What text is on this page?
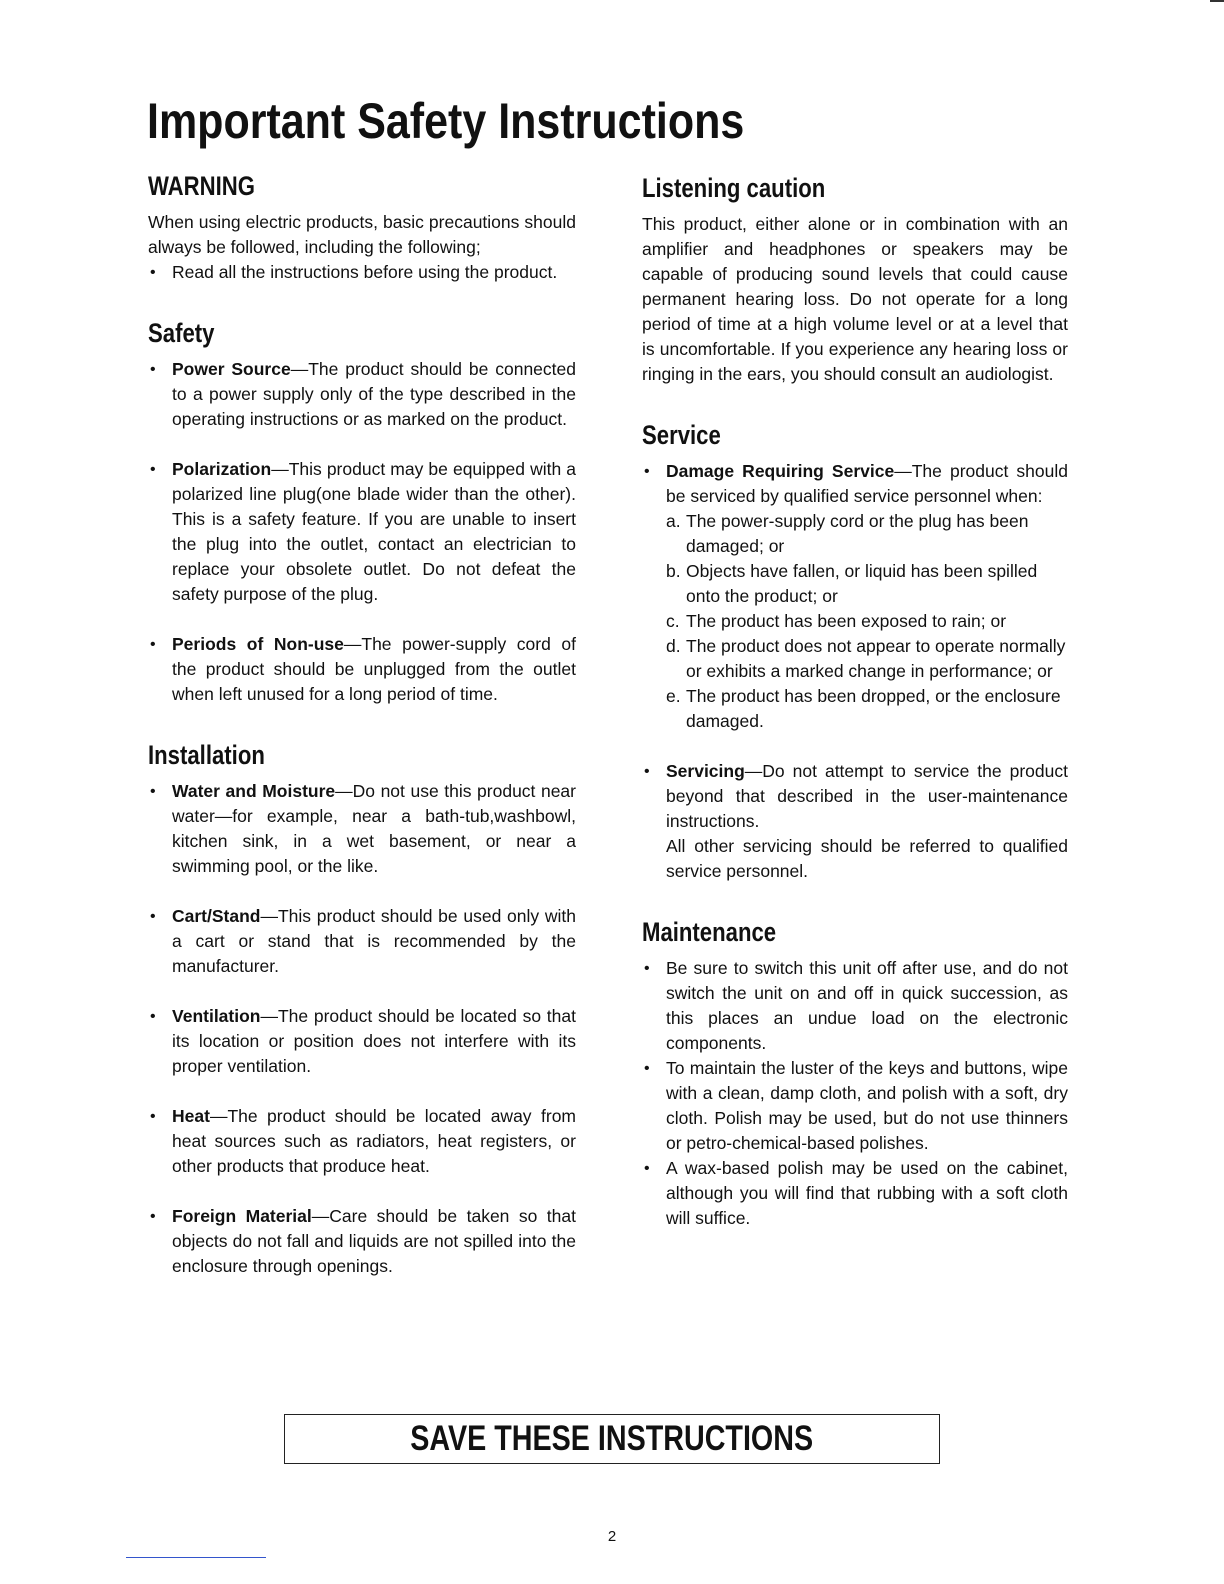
Important Safety Instructions
WARNING

When using electric products, basic precautions should always be followed, including the following;

• Read all the instructions before using the product.
Safety
• Power Source—The product should be connected to a power supply only of the type described in the operating instructions or as marked on the product.
• Polarization—This product may be equipped with a polarized line plug(one blade wider than the other). This is a safety feature. If you are unable to insert the plug into the outlet, contact an electrician to replace your obsolete outlet. Do not defeat the safety purpose of the plug.
• Periods of Non-use—The power-supply cord of the product should be unplugged from the outlet when left unused for a long period of time.
Installation
• Water and Moisture—Do not use this product near water—for example, near a bath-tub,washbowl, kitchen sink, in a wet basement, or near a swimming pool, or the like.
• Cart/Stand—This product should be used only with a cart or stand that is recommended by the manufacturer.
• Ventilation—The product should be located so that its location or position does not interfere with its proper ventilation.
• Heat—The product should be located away from heat sources such as radiators, heat registers, or other products that produce heat.
• Foreign Material—Care should be taken so that objects do not fall and liquids are not spilled into the enclosure through openings.
Listening caution

This product, either alone or in combination with an amplifier and headphones or speakers may be capable of producing sound levels that could cause permanent hearing loss. Do not operate for a long period of time at a high volume level or at a level that is uncomfortable. If you experience any hearing loss or ringing in the ears, you should consult an audiologist.

Service
• Damage Requiring Service—The product should be serviced by qualified service personnel when:
a. The power-supply cord or the plug has been damaged; or
b. Objects have fallen, or liquid has been spilled onto the product; or
c. The product has been exposed to rain; or
d. The product does not appear to operate normally or exhibits a marked change in performance; or
e. The product has been dropped, or the enclosure damaged.
• Servicing—Do not attempt to service the product beyond that described in the user-maintenance instructions.

All other servicing should be referred to qualified service personnel.

Maintenance
• Be sure to switch this unit off after use, and do not switch the unit on and off in quick succession, as this places an undue load on the electronic components.
• To maintain the luster of the keys and buttons, wipe with a clean, damp cloth, and polish with a soft, dry cloth. Polish may be used, but do not use thinners or petro-chemical-based polishes.
• A wax-based polish may be used on the cabinet, although you will find that rubbing with a soft cloth will suffice.
SAVE THESE INSTRUCTIONS
2
